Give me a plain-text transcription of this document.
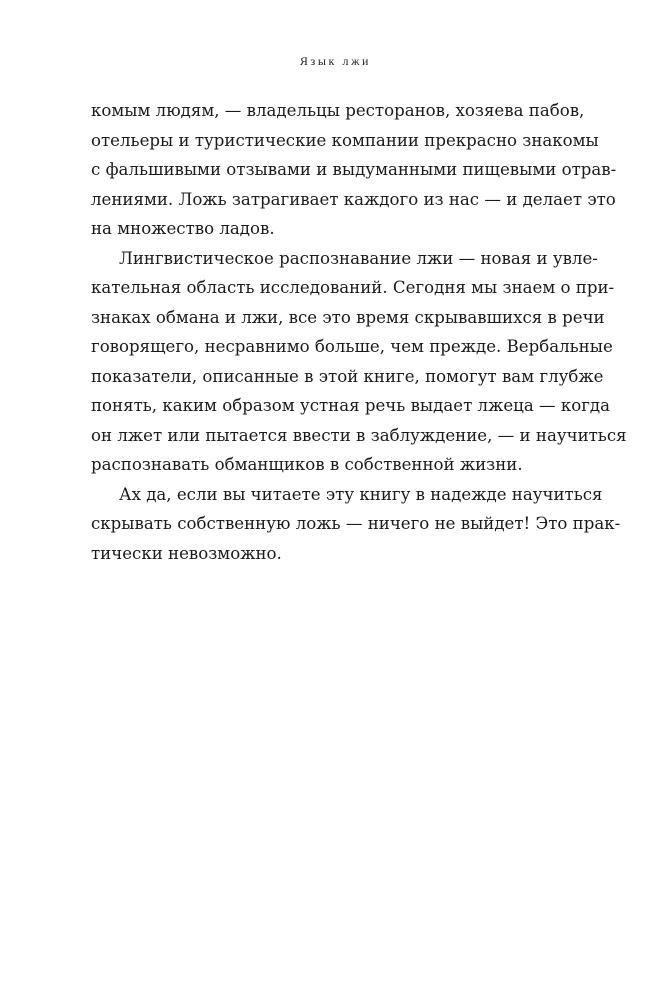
Язык лжи
комым людям, — владельцы ресторанов, хозяева пабов,
отельеры и туристические компании прекрасно знакомы
с фальшивыми отзывами и выдуманными пищевыми отрав-
лениями. Ложь затрагивает каждого из нас — и делает это
на множество ладов.
Лингвистическое распознавание лжи — новая и увле-
кательная область исследований. Сегодня мы знаем о при-
знаках обмана и лжи, все это время скрывавшихся в речи
говорящего, несравнимо больше, чем прежде. Вербальные
показатели, описанные в этой книге, помогут вам глубже
понять, каким образом устная речь выдает лжеца — когда
он лжет или пытается ввести в заблуждение, — и научиться
распознавать обманщиков в собственной жизни.
Ах да, если вы читаете эту книгу в надежде научиться
скрывать собственную ложь — ничего не выйдет! Это прак-
тически невозможно.
